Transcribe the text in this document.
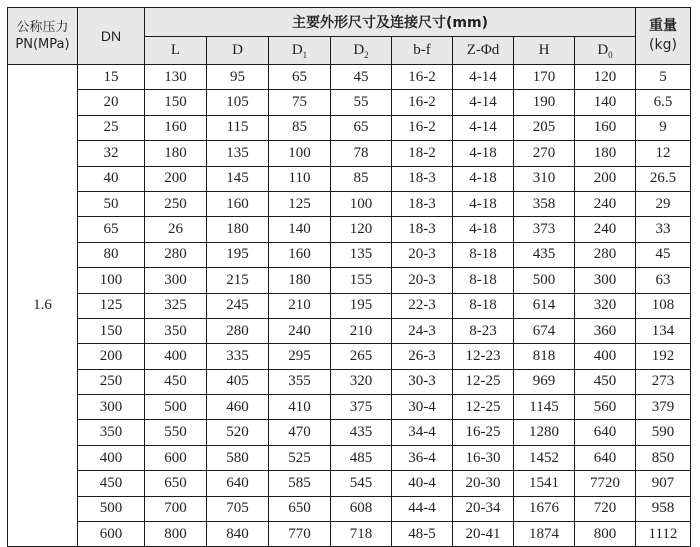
公称压力
PN(MPa)	DN	主要外形尺寸及连接尺寸(mm)								重量
(kg)

		L	D	$D_1$	$D_2$	b-f	Z-Φd	H	$D_0$
1.6	15	130	95	65	45	16-2	4-14	170	120	5
	20	150	105	75	55	16-2	4-14	190	140	6.5
	25	160	115	85	65	16-2	4-14	205	160	9
	32	180	135	100	78	18-2	4-18	270	180	12
	40	200	145	110	85	18-3	4-18	310	200	26.5
	50	250	160	125	100	18-3	4-18	358	240	29
	65	26	180	140	120	18-3	4-18	373	240	33
	80	280	195	160	135	20-3	8-18	435	280	45
	100	300	215	180	155	20-3	8-18	500	300	63
	125	325	245	210	195	22-3	8-18	614	320	108
	150	350	280	240	210	24-3	8-23	674	360	134
	200	400	335	295	265	26-3	12-23	818	400	192
	250	450	405	355	320	30-3	12-25	969	450	273
	300	500	460	410	375	30-4	12-25	1145	560	379
	350	550	520	470	435	34-4	16-25	1280	640	590
	400	600	580	525	485	36-4	16-30	1452	640	850
	450	650	640	585	545	40-4	20-30	1541	7720	907
	500	700	705	650	608	44-4	20-34	1676	720	958
	600	800	840	770	718	48-5	20-41	1874	800	1112
